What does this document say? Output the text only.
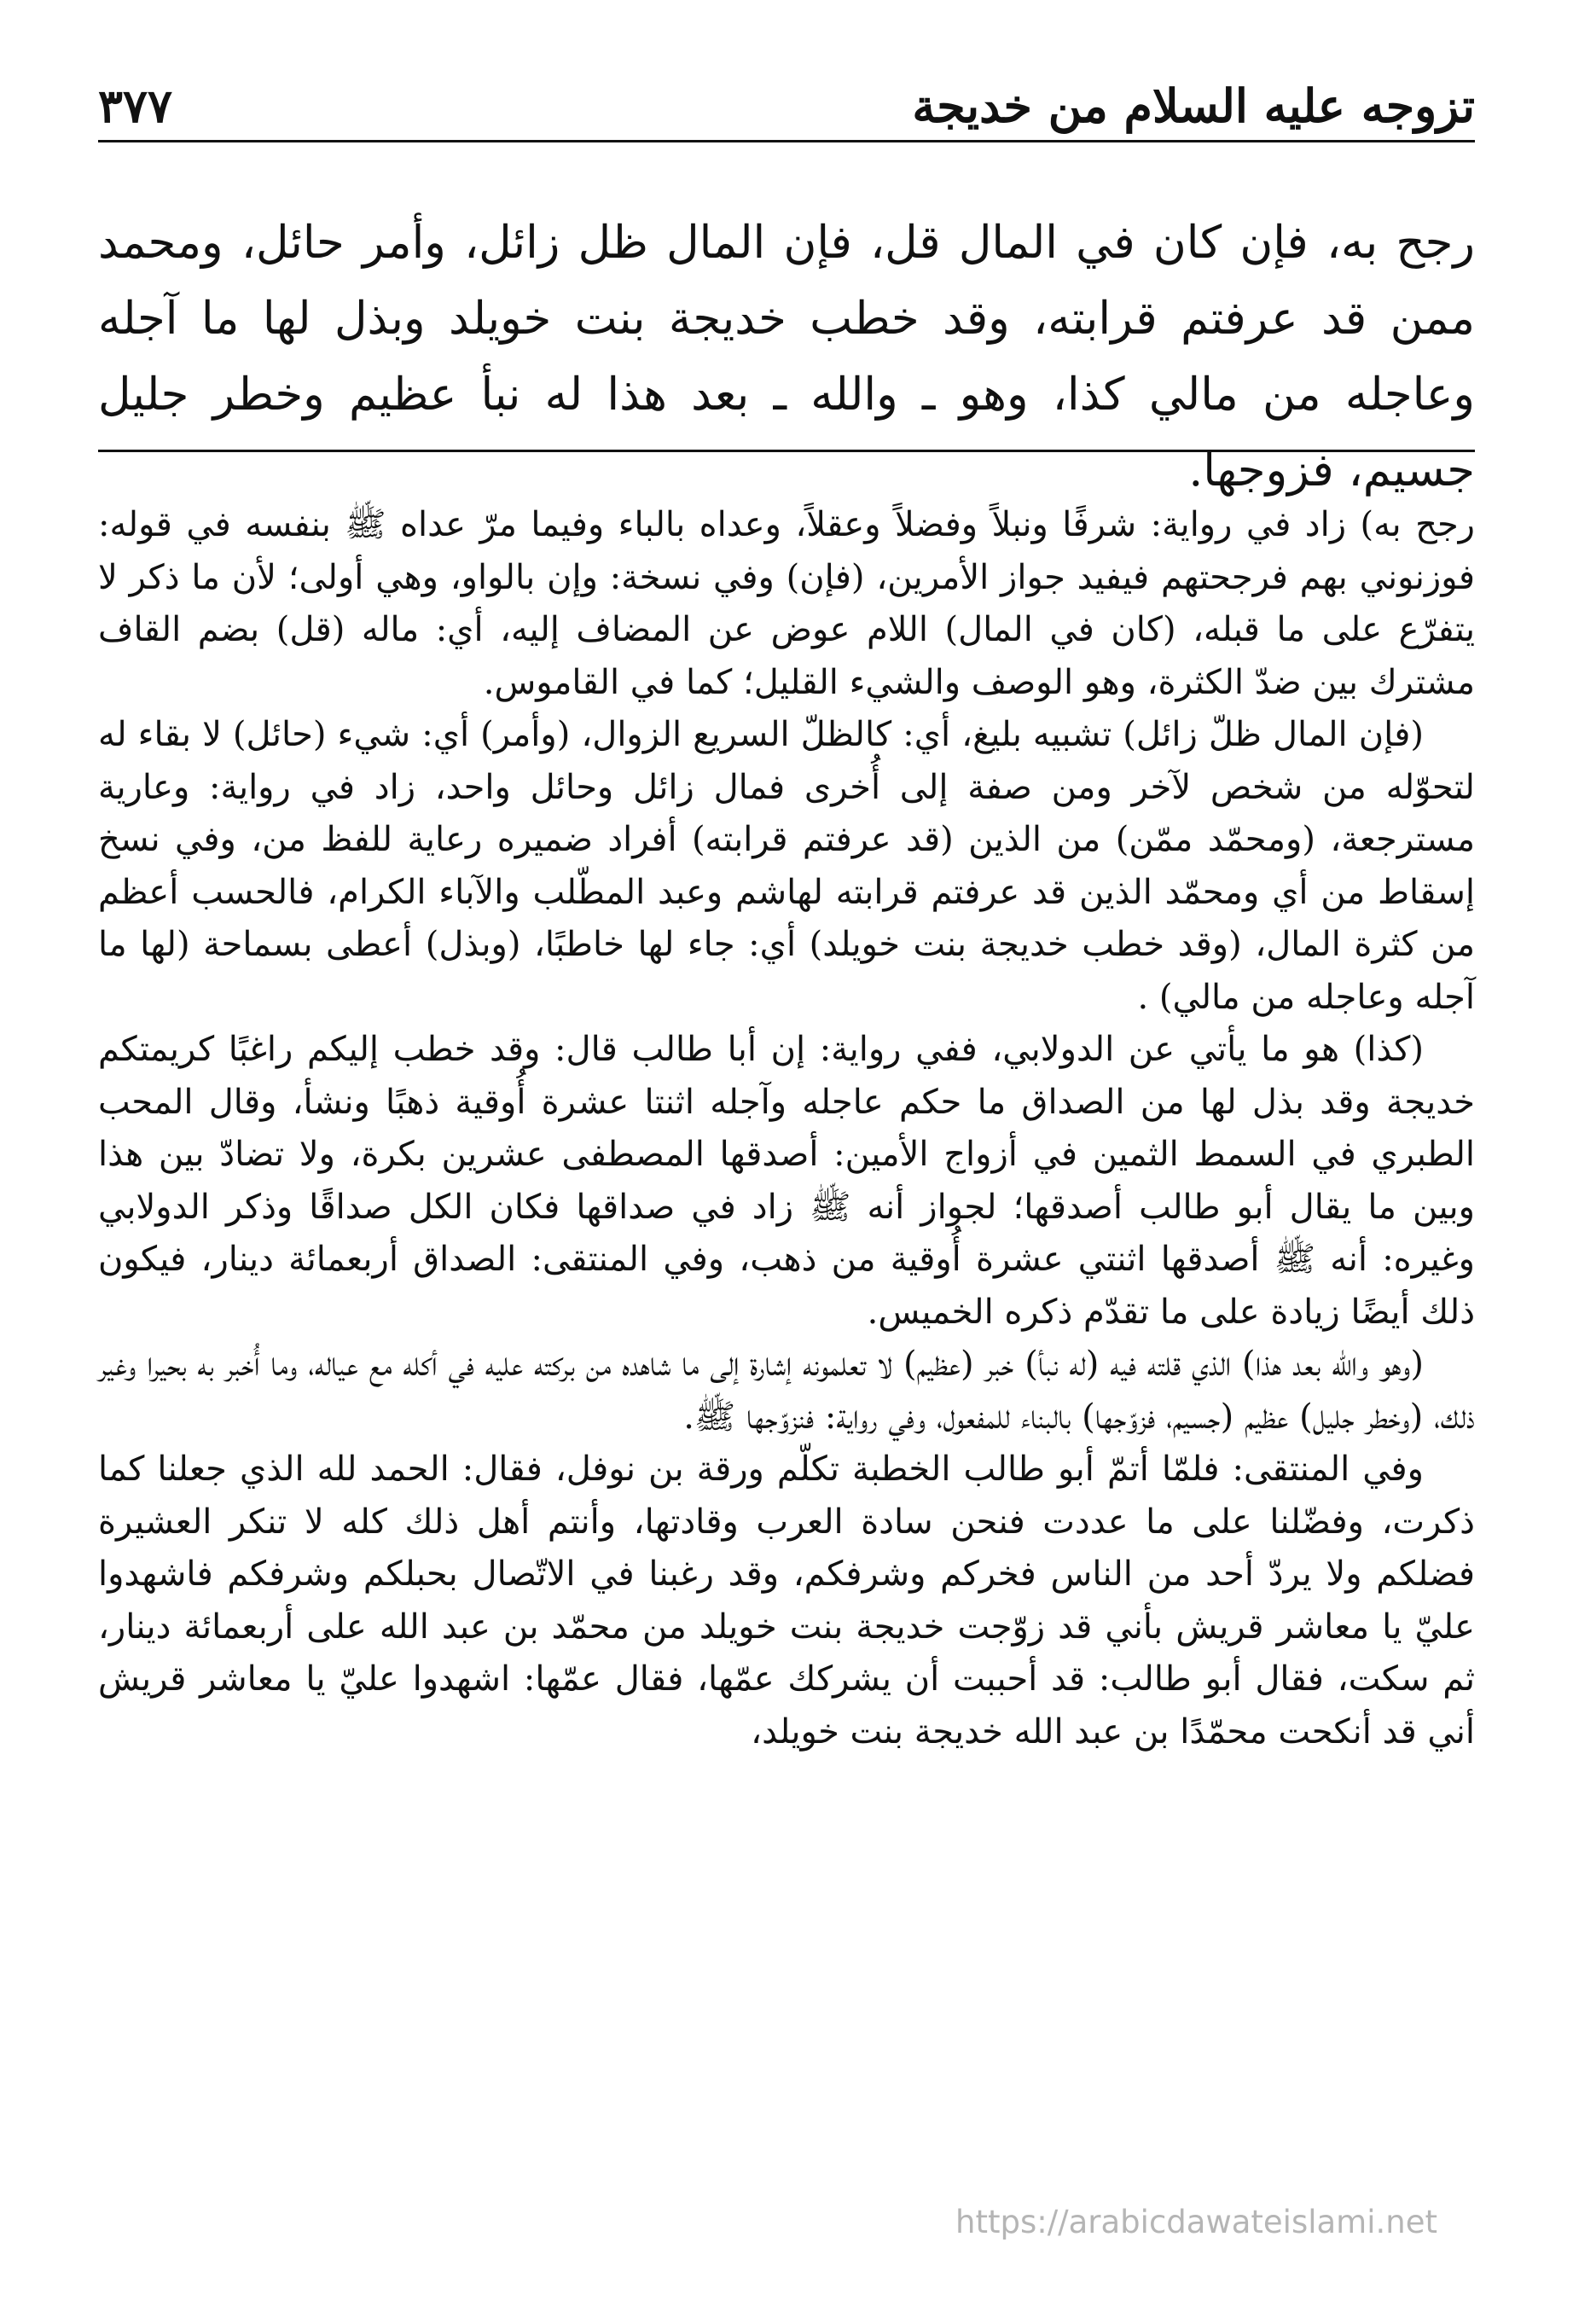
تزوجه عليه السلام من خديجة
٣٧٧

رجح به، فإن كان في المال قل، فإن المال ظل زائل، وأمر حائل، ومحمد ممن قد عرفتم قرابته، وقد خطب خديجة بنت خويلد وبذل لها ما آجله وعاجله من مالي كذا، وهو ـ والله ـ بعد هذا له نبأ عظيم وخطر جليل جسيم، فزوجها.

رجح به) زاد في رواية: شرفًا ونبلاً وفضلاً وعقلاً، وعداه بالباء وفيما مرّ عداه ﷺ بنفسه في قوله: فوزنوني بهم فرجحتهم فيفيد جواز الأمرين، (فإن) وفي نسخة: وإن بالواو، وهي أولى؛ لأن ما ذكر لا يتفرّع على ما قبله، (كان في المال) اللام عوض عن المضاف إليه، أي: ماله (قل) بضم القاف مشترك بين ضدّ الكثرة، وهو الوصف والشيء القليل؛ كما في القاموس.

(فإن المال ظلّ زائل) تشبيه بليغ، أي: كالظلّ السريع الزوال، (وأمر) أي: شيء (حائل) لا بقاء له لتحوّله من شخص لآخر ومن صفة إلى أُخرى فمال زائل وحائل واحد، زاد في رواية: وعارية مسترجعة، (ومحمّد ممّن) من الذين (قد عرفتم قرابته) أفراد ضميره رعاية للفظ من، وفي نسخ إسقاط من أي ومحمّد الذين قد عرفتم قرابته لهاشم وعبد المطّلب والآباء الكرام، فالحسب أعظم من كثرة المال، (وقد خطب خديجة بنت خويلد) أي: جاء لها خاطبًا، (وبذل) أعطى بسماحة (لها ما آجله وعاجله من مالي) .

(كذا) هو ما يأتي عن الدولابي، ففي رواية: إن أبا طالب قال: وقد خطب إليكم راغبًا كريمتكم خديجة وقد بذل لها من الصداق ما حكم عاجله وآجله اثنتا عشرة أُوقية ذهبًا ونشأ، وقال المحب الطبري في السمط الثمين في أزواج الأمين: أصدقها المصطفى عشرين بكرة، ولا تضادّ بين هذا وبين ما يقال أبو طالب أصدقها؛ لجواز أنه ﷺ زاد في صداقها فكان الكل صداقًا وذكر الدولابي وغيره: أنه ﷺ أصدقها اثنتي عشرة أُوقية من ذهب، وفي المنتقى: الصداق أربعمائة دينار، فيكون ذلك أيضًا زيادة على ما تقدّم ذكره الخميس.

(وهو والله بعد هذا) الذي قلته فيه (له نبأ) خبر (عظيم) لا تعلمونه إشارة إلى ما شاهده من بركته عليه في أكله مع عياله، وما أُخبر به بحيرا وغير ذلك، (وخطر جليل) عظيم (جسيم، فزوّجها) بالبناء للمفعول، وفي رواية: فنزوّجها ﷺ.

وفي المنتقى: فلمّا أتمّ أبو طالب الخطبة تكلّم ورقة بن نوفل، فقال: الحمد لله الذي جعلنا كما ذكرت، وفضّلنا على ما عددت فنحن سادة العرب وقادتها، وأنتم أهل ذلك كله لا تنكر العشيرة فضلكم ولا يردّ أحد من الناس فخركم وشرفكم، وقد رغبنا في الاتّصال بحبلكم وشرفكم فاشهدوا عليّ يا معاشر قريش بأني قد زوّجت خديجة بنت خويلد من محمّد بن عبد الله على أربعمائة دينار، ثم سكت، فقال أبو طالب: قد أحببت أن يشركك عمّها، فقال عمّها: اشهدوا عليّ يا معاشر قريش أني قد أنكحت محمّدًا بن عبد الله خديجة بنت خويلد،

https://arabicdawateislami.net
